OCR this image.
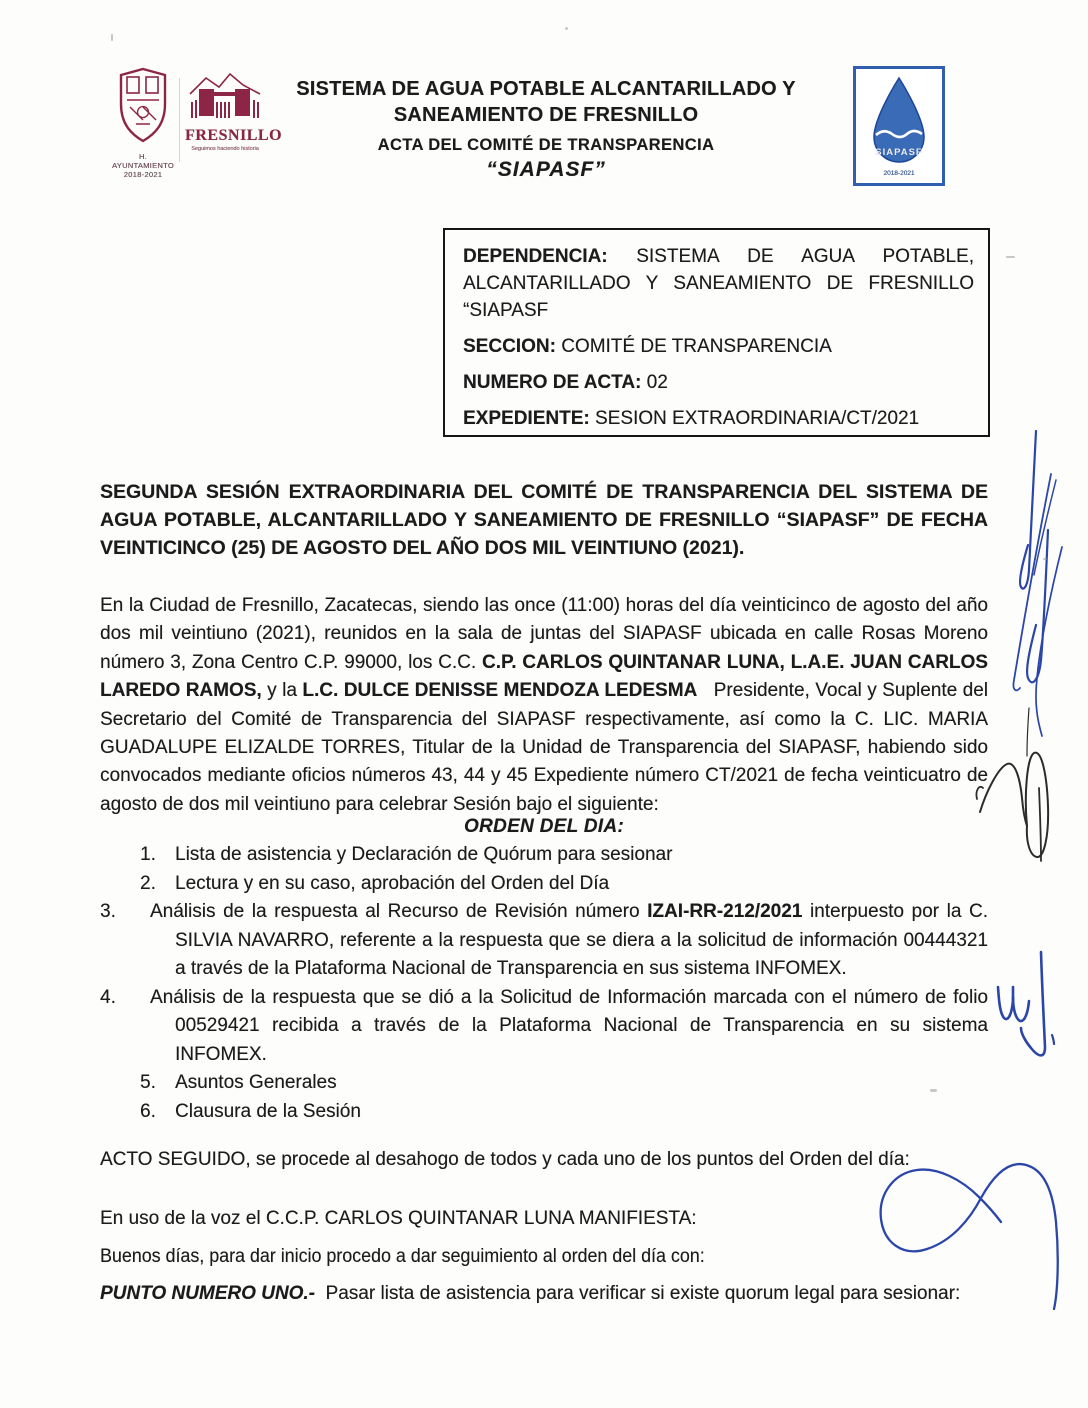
H. AYUNTAMIENTO
2018-2021
FRESNILLO
Seguimos haciendo historia
SISTEMA DE AGUA POTABLE ALCANTARILLADO Y
SANEAMIENTO DE FRESNILLO
ACTA DEL COMITÉ DE TRANSPARENCIA
“SIAPASF”
SIAPASF
2018-2021
DEPENDENCIA: SISTEMA DE AGUA POTABLE, ALCANTARILLADO Y SANEAMIENTO DE FRESNILLO “SIAPASF
SECCION: COMITÉ DE TRANSPARENCIA
NUMERO DE ACTA: 02
EXPEDIENTE: SESION EXTRAORDINARIA/CT/2021

SEGUNDA SESIÓN EXTRAORDINARIA DEL COMITÉ DE TRANSPARENCIA DEL SISTEMA DE AGUA POTABLE, ALCANTARILLADO Y SANEAMIENTO DE FRESNILLO “SIAPASF” DE FECHA VEINTICINCO (25) DE AGOSTO DEL AÑO DOS MIL VEINTIUNO (2021).

En la Ciudad de Fresnillo, Zacatecas, siendo las once (11:00) horas del día veinticinco de agosto del año dos mil veintiuno (2021), reunidos en la sala de juntas del SIAPASF ubicada en calle Rosas Moreno número 3, Zona Centro C.P. 99000, los C.C. C.P. CARLOS QUINTANAR LUNA, L.A.E. JUAN CARLOS LAREDO RAMOS, y la L.C. DULCE DENISSE MENDOZA LEDESMA   Presidente, Vocal y Suplente del Secretario del Comité de Transparencia del SIAPASF respectivamente, así como la C. LIC. MARIA GUADALUPE ELIZALDE TORRES, Titular de la Unidad de Transparencia del SIAPASF, habiendo sido convocados mediante oficios números 43, 44 y 45 Expediente número CT/2021 de fecha veinticuatro de agosto de dos mil veintiuno para celebrar Sesión bajo el siguiente:

ORDEN DEL DIA:

1. Lista de asistencia y Declaración de Quórum para sesionar
2. Lectura y en su caso, aprobación del Orden del Día
3.	Análisis de la respuesta al Recurso de Revisión número IZAI-RR-212/2021 interpuesto por la C. SILVIA NAVARRO, referente a la respuesta que se diera a la solicitud de información 00444321 a través de la Plataforma Nacional de Transparencia en sus sistema INFOMEX.
4.	Análisis de la respuesta que se dió a la Solicitud de Información marcada con el número de folio 00529421 recibida a través de la Plataforma Nacional de Transparencia en su sistema INFOMEX.
5. Asuntos Generales
6. Clausura de la Sesión

ACTO SEGUIDO, se procede al desahogo de todos y cada uno de los puntos del Orden del día:

En uso de la voz el C.C.P. CARLOS QUINTANAR LUNA MANIFIESTA:

Buenos días, para dar inicio procedo a dar seguimiento al orden del día con:

PUNTO NUMERO UNO.-  Pasar lista de asistencia para verificar si existe quorum legal para sesionar:
